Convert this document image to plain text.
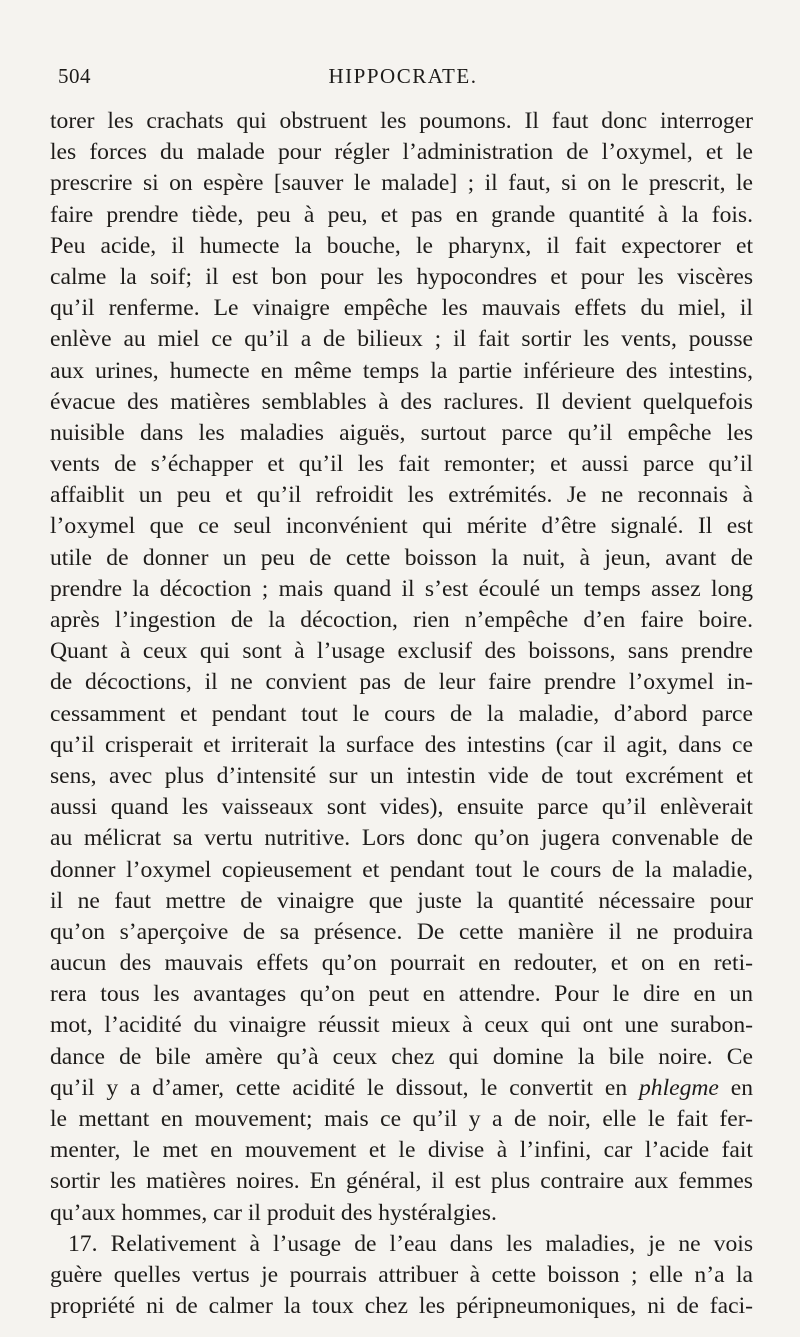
504	HIPPOCRATE.
torer les crachats qui obstruent les poumons. Il faut donc interroger
les forces du malade pour régler l’administration de l’oxymel, et le
prescrire si on espère [sauver le malade] ; il faut, si on le prescrit, le
faire prendre tiède, peu à peu, et pas en grande quantité à la fois.
Peu acide, il humecte la bouche, le pharynx, il fait expectorer et
calme la soif; il est bon pour les hypocondres et pour les viscères
qu’il renferme. Le vinaigre empêche les mauvais effets du miel, il
enlève au miel ce qu’il a de bilieux ; il fait sortir les vents, pousse
aux urines, humecte en même temps la partie inférieure des intestins,
évacue des matières semblables à des raclures. Il devient quelquefois
nuisible dans les maladies aiguës, surtout parce qu’il empêche les
vents de s’échapper et qu’il les fait remonter; et aussi parce qu’il
affaiblit un peu et qu’il refroidit les extrémités. Je ne reconnais à
l’oxymel que ce seul inconvénient qui mérite d’être signalé. Il est
utile de donner un peu de cette boisson la nuit, à jeun, avant de
prendre la décoction ; mais quand il s’est écoulé un temps assez long
après l’ingestion de la décoction, rien n’empêche d’en faire boire.
Quant à ceux qui sont à l’usage exclusif des boissons, sans prendre
de décoctions, il ne convient pas de leur faire prendre l’oxymel in-
cessamment et pendant tout le cours de la maladie, d’abord parce
qu’il crisperait et irriterait la surface des intestins (car il agit, dans ce
sens, avec plus d’intensité sur un intestin vide de tout excrément et
aussi quand les vaisseaux sont vides), ensuite parce qu’il enlèverait
au mélicrat sa vertu nutritive. Lors donc qu’on jugera convenable de
donner l’oxymel copieusement et pendant tout le cours de la maladie,
il ne faut mettre de vinaigre que juste la quantité nécessaire pour
qu’on s’aperçoive de sa présence. De cette manière il ne produira
aucun des mauvais effets qu’on pourrait en redouter, et on en reti-
rera tous les avantages qu’on peut en attendre. Pour le dire en un
mot, l’acidité du vinaigre réussit mieux à ceux qui ont une surabon-
dance de bile amère qu’à ceux chez qui domine la bile noire. Ce
qu’il y a d’amer, cette acidité le dissout, le convertit en phlegme en
le mettant en mouvement; mais ce qu’il y a de noir, elle le fait fer-
menter, le met en mouvement et le divise à l’infini, car l’acide fait
sortir les matières noires. En général, il est plus contraire aux femmes
qu’aux hommes, car il produit des hystéralgies.
17. Relativement à l’usage de l’eau dans les maladies, je ne vois
guère quelles vertus je pourrais attribuer à cette boisson ; elle n’a la
propriété ni de calmer la toux chez les péripneumoniques, ni de faci-
